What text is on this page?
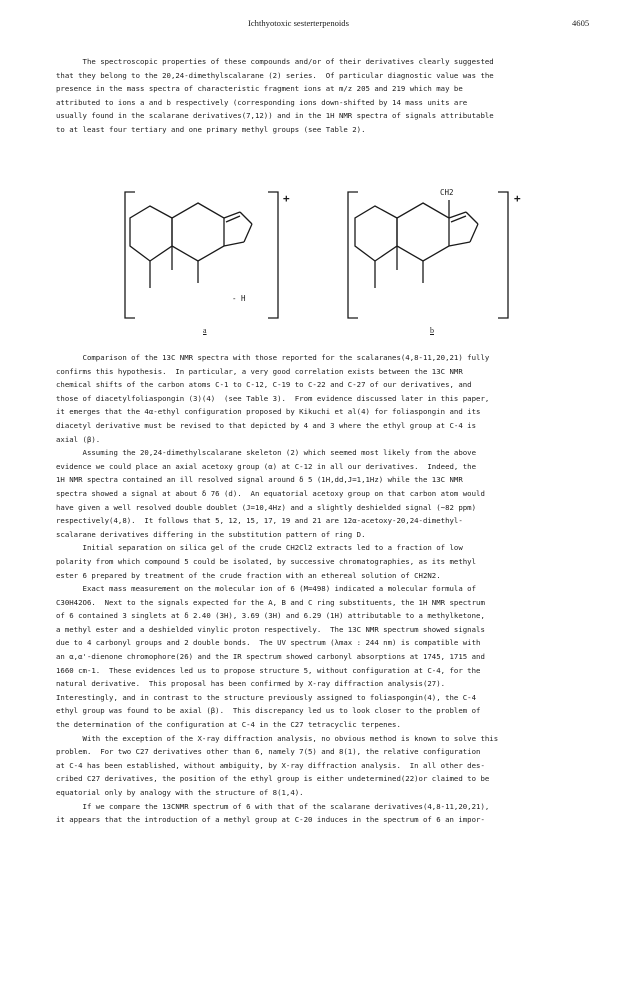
Ichthyotoxic sesterterpenoids	4605

The spectroscopic properties of these compounds and/or of their derivatives clearly suggested

that they belong to the 20,24-dimethylscalarane (2) series.  Of particular diagnostic value was the

presence in the mass spectra of characteristic fragment ions at m/z 205 and 219 which may be

attributed to ions a and b respectively (corresponding ions down-shifted by 14 mass units are

usually found in the scalarane derivatives(7,12)) and in the 1H NMR spectra of signals attributable

to at least four tertiary and one primary methyl groups (see Table 2).

+	+
- H
CH2
a	b

Comparison of the 13C NMR spectra with those reported for the scalaranes(4,8-11,20,21) fully

confirms this hypothesis.  In particular, a very good correlation exists between the 13C NMR

chemical shifts of the carbon atoms C-1 to C-12, C-19 to C-22 and C-27 of our derivatives, and

those of diacetylfoliaspongin (3)(4)  (see Table 3).  From evidence discussed later in this paper,

it emerges that the 4α-ethyl configuration proposed by Kikuchi et al(4) for foliaspongin and its

diacetyl derivative must be revised to that depicted by 4 and 3 where the ethyl group at C-4 is

axial (β).

Assuming the 20,24-dimethylscalarane skeleton (2) which seemed most likely from the above

evidence we could place an axial acetoxy group (α) at C-12 in all our derivatives.  Indeed, the

1H NMR spectra contained an ill resolved signal around δ 5 (1H,dd,J=1,1Hz) while the 13C NMR

spectra showed a signal at about δ 76 (d).  An equatorial acetoxy group on that carbon atom would

have given a well resolved double doublet (J=10,4Hz) and a slightly deshielded signal (~82 ppm)

respectively(4,8).  It follows that 5, 12, 15, 17, 19 and 21 are 12α-acetoxy-20,24-dimethyl-

scalarane derivatives differing in the substitution pattern of ring D.

Initial separation on silica gel of the crude CH2Cl2 extracts led to a fraction of low

polarity from which compound 5 could be isolated, by successive chromatographies, as its methyl

ester 6 prepared by treatment of the crude fraction with an ethereal solution of CH2N2.

Exact mass measurement on the molecular ion of 6 (M=498) indicated a molecular formula of

C30H42O6.  Next to the signals expected for the A, B and C ring substituents, the 1H NMR spectrum

of 6 contained 3 singlets at δ 2.40 (3H), 3.69 (3H) and 6.29 (1H) attributable to a methylketone,

a methyl ester and a deshielded vinylic proton respectively.  The 13C NMR spectrum showed signals

due to 4 carbonyl groups and 2 double bonds.  The UV spectrum (λmax : 244 nm) is compatible with

an α,α'-dienone chromophore(26) and the IR spectrum showed carbonyl absorptions at 1745, 1715 and

1660 cm-1.  These evidences led us to propose structure 5, without configuration at C-4, for the

natural derivative.  This proposal has been confirmed by X-ray diffraction analysis(27).

Interestingly, and in contrast to the structure previously assigned to foliaspongin(4), the C-4

ethyl group was found to be axial (β).  This discrepancy led us to look closer to the problem of

the determination of the configuration at C-4 in the C27 tetracyclic terpenes.

With the exception of the X-ray diffraction analysis, no obvious method is known to solve this

problem.  For two C27 derivatives other than 6, namely 7(5) and 8(1), the relative configuration

at C-4 has been established, without ambiguity, by X-ray diffraction analysis.  In all other des-

cribed C27 derivatives, the position of the ethyl group is either undetermined(22)or claimed to be

equatorial only by analogy with the structure of 8(1,4).

If we compare the 13CNMR spectrum of 6 with that of the scalarane derivatives(4,8-11,20,21),

it appears that the introduction of a methyl group at C-20 induces in the spectrum of 6 an impor-
